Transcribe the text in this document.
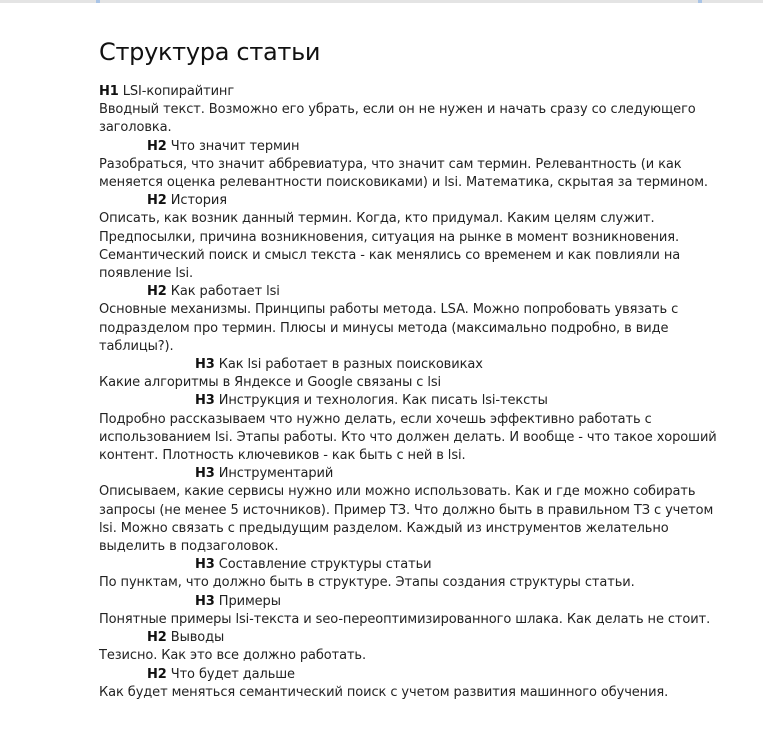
Структура статьи
H1 LSI-копирайтинг
Вводный текст. Возможно его убрать, если он не нужен и начать сразу со следующего заголовка.
H2 Что значит термин
Разобраться, что значит аббревиатура, что значит сам термин. Релевантность (и как меняется оценка релевантности поисковиками) и lsi. Математика, скрытая за термином.
H2 История
Описать, как возник данный термин. Когда, кто придумал. Каким целям служит. Предпосылки, причина возникновения, ситуация на рынке в момент возникновения. Семантический поиск и смысл текста - как менялись со временем и как повлияли на появление lsi.
H2 Как работает lsi
Основные механизмы. Принципы работы метода. LSA. Можно попробовать увязать с подразделом про термин. Плюсы и минусы метода (максимально подробно, в виде таблицы?).
H3 Как lsi работает в разных поисковиках
Какие алгоритмы в Яндексе и Google связаны с lsi
H3 Инструкция и технология. Как писать lsi-тексты
Подробно рассказываем что нужно делать, если хочешь эффективно работать с использованием lsi. Этапы работы. Кто что должен делать. И вообще - что такое хороший контент. Плотность ключевиков - как быть с ней в lsi.
H3 Инструментарий
Описываем, какие сервисы нужно или можно использовать. Как и где можно собирать запросы (не менее 5 источников). Пример ТЗ. Что должно быть в правильном ТЗ с учетом lsi. Можно связать с предыдущим разделом. Каждый из инструментов желательно выделить в подзаголовок.
H3 Составление структуры статьи
По пунктам, что должно быть в структуре. Этапы создания структуры статьи.
H3 Примеры
Понятные примеры lsi-текста и seo-переоптимизированного шлака. Как делать не стоит.
H2 Выводы
Тезисно. Как это все должно работать.
H2 Что будет дальше
Как будет меняться семантический поиск с учетом развития машинного обучения.
